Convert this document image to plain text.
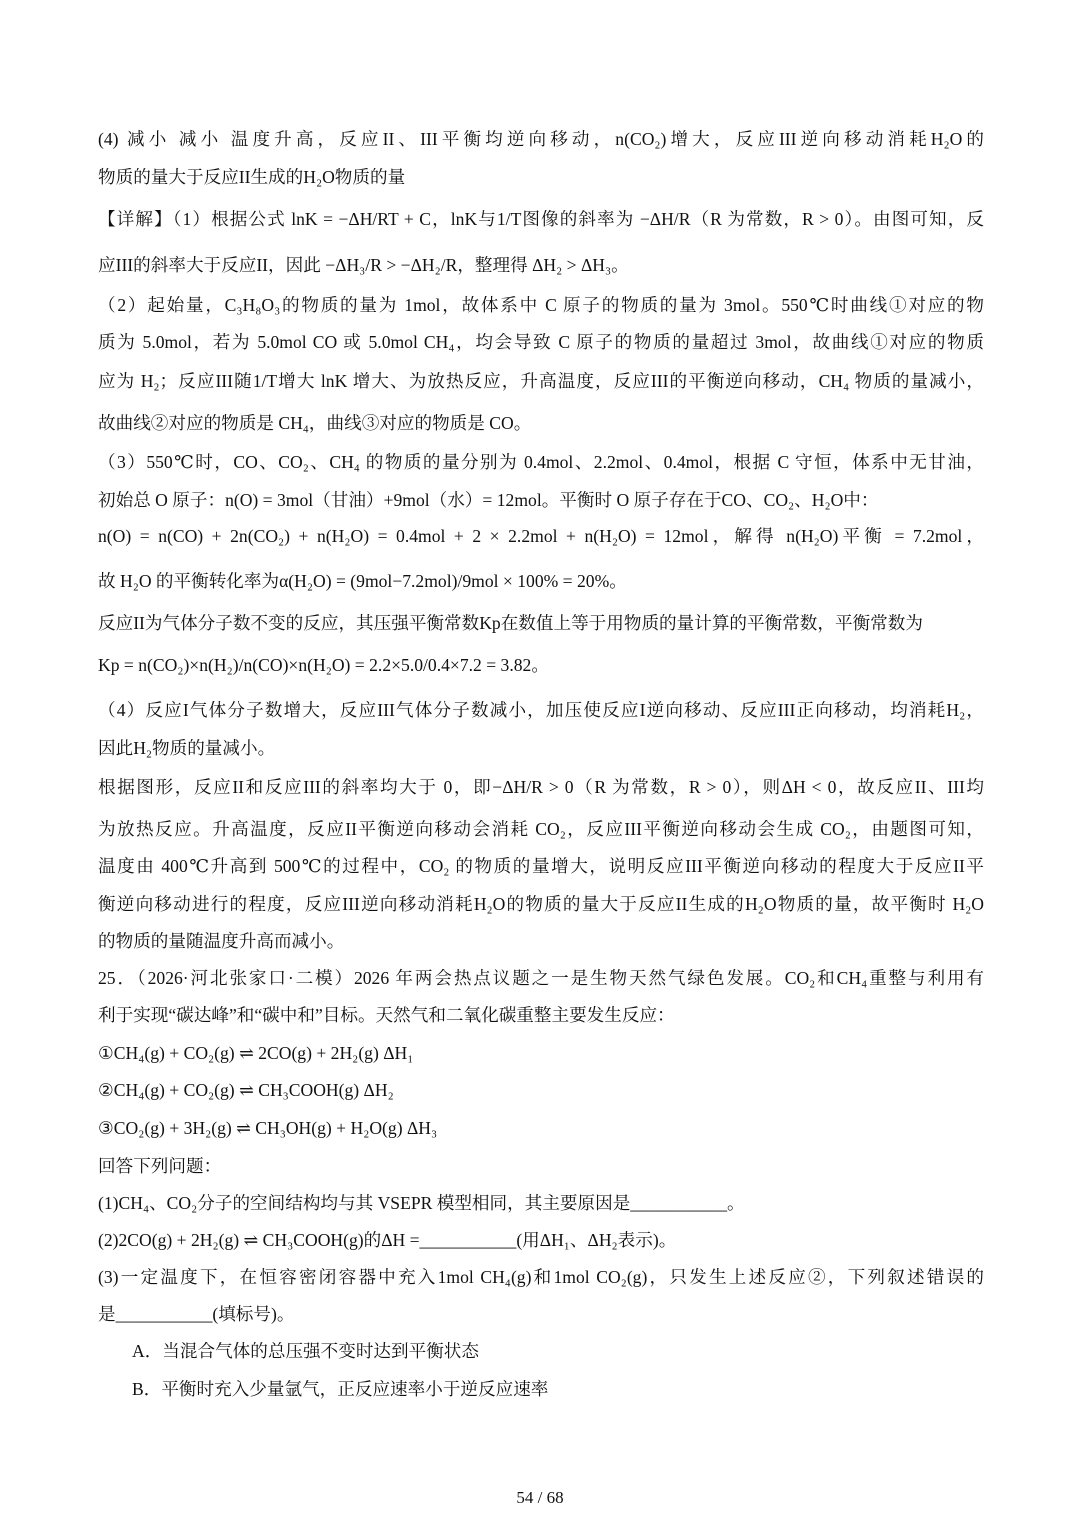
(4) 减小 减小 温度升高，反应II、III平衡均逆向移动，n(CO₂)增大，反应III逆向移动消耗H₂O的
物质的量大于反应II生成的H₂O物质的量
【详解】（1）根据公式 lnK = −ΔH/RT + C，lnK与1/T图像的斜率为 −ΔH/R（R 为常数，R > 0）。由图可知，反
应III的斜率大于反应II，因此 −ΔH₃/R > −ΔH₂/R，整理得 ΔH₂ > ΔH₃。
（2）起始量，C₃H₈O₃的物质的量为 1mol，故体系中 C 原子的物质的量为 3mol。550℃时曲线①对应的物
质为 5.0mol，若为 5.0mol CO 或 5.0mol CH₄，均会导致 C 原子的物质的量超过 3mol，故曲线①对应的物质
应为 H₂；反应III随1/T增大 lnK 增大、为放热反应，升高温度，反应III的平衡逆向移动，CH₄ 物质的量减小，
故曲线②对应的物质是 CH₄，曲线③对应的物质是 CO。
（3）550℃时，CO、CO₂、CH₄ 的物质的量分别为 0.4mol、2.2mol、0.4mol，根据 C 守恒，体系中无甘油，
初始总 O 原子：n(O) = 3mol（甘油）+9mol（水）= 12mol。平衡时 O 原子存在于CO、CO₂、H₂O中：
n(O) = n(CO) + 2n(CO₂) + n(H₂O) = 0.4mol + 2 × 2.2mol + n(H₂O) = 12mol，解得 n(H₂O)平衡 = 7.2mol，
故 H₂O 的平衡转化率为α(H₂O) = (9mol−7.2mol)/9mol × 100% = 20%。
反应II为气体分子数不变的反应，其压强平衡常数Kp在数值上等于用物质的量计算的平衡常数，平衡常数为
Kp = n(CO₂)×n(H₂)/n(CO)×n(H₂O) = 2.2×5.0/0.4×7.2 = 3.82。
（4）反应I气体分子数增大，反应III气体分子数减小，加压使反应I逆向移动、反应III正向移动，均消耗H₂，
因此H₂物质的量减小。
根据图形，反应II和反应III的斜率均大于 0，即−ΔH/R > 0（R 为常数，R > 0），则ΔH < 0，故反应II、III均
为放热反应。升高温度，反应II平衡逆向移动会消耗 CO₂，反应III平衡逆向移动会生成 CO₂，由题图可知，
温度由 400℃升高到 500℃的过程中，CO₂ 的物质的量增大，说明反应III平衡逆向移动的程度大于反应II平
衡逆向移动进行的程度，反应III逆向移动消耗H₂O的物质的量大于反应II生成的H₂O物质的量，故平衡时 H₂O
的物质的量随温度升高而减小。
25．（2026·河北张家口·二模）2026 年两会热点议题之一是生物天然气绿色发展。CO₂和CH₄重整与利用有
利于实现“碳达峰”和“碳中和”目标。天然气和二氧化碳重整主要发生反应：
①CH₄(g) + CO₂(g) ⇌ 2CO(g) + 2H₂(g) ΔH₁
②CH₄(g) + CO₂(g) ⇌ CH₃COOH(g) ΔH₂
③CO₂(g) + 3H₂(g) ⇌ CH₃OH(g) + H₂O(g) ΔH₃
回答下列问题：
(1)CH₄、CO₂分子的空间结构均与其 VSEPR 模型相同，其主要原因是___________。
(2)2CO(g) + 2H₂(g) ⇌ CH₃COOH(g)的ΔH =___________(用ΔH₁、ΔH₂表示)。
(3)一定温度下，在恒容密闭容器中充入1mol CH₄(g)和1mol CO₂(g)，只发生上述反应②，下列叙述错误的
是___________(填标号)。
A．当混合气体的总压强不变时达到平衡状态
B．平衡时充入少量氩气，正反应速率小于逆反应速率
54 / 68
